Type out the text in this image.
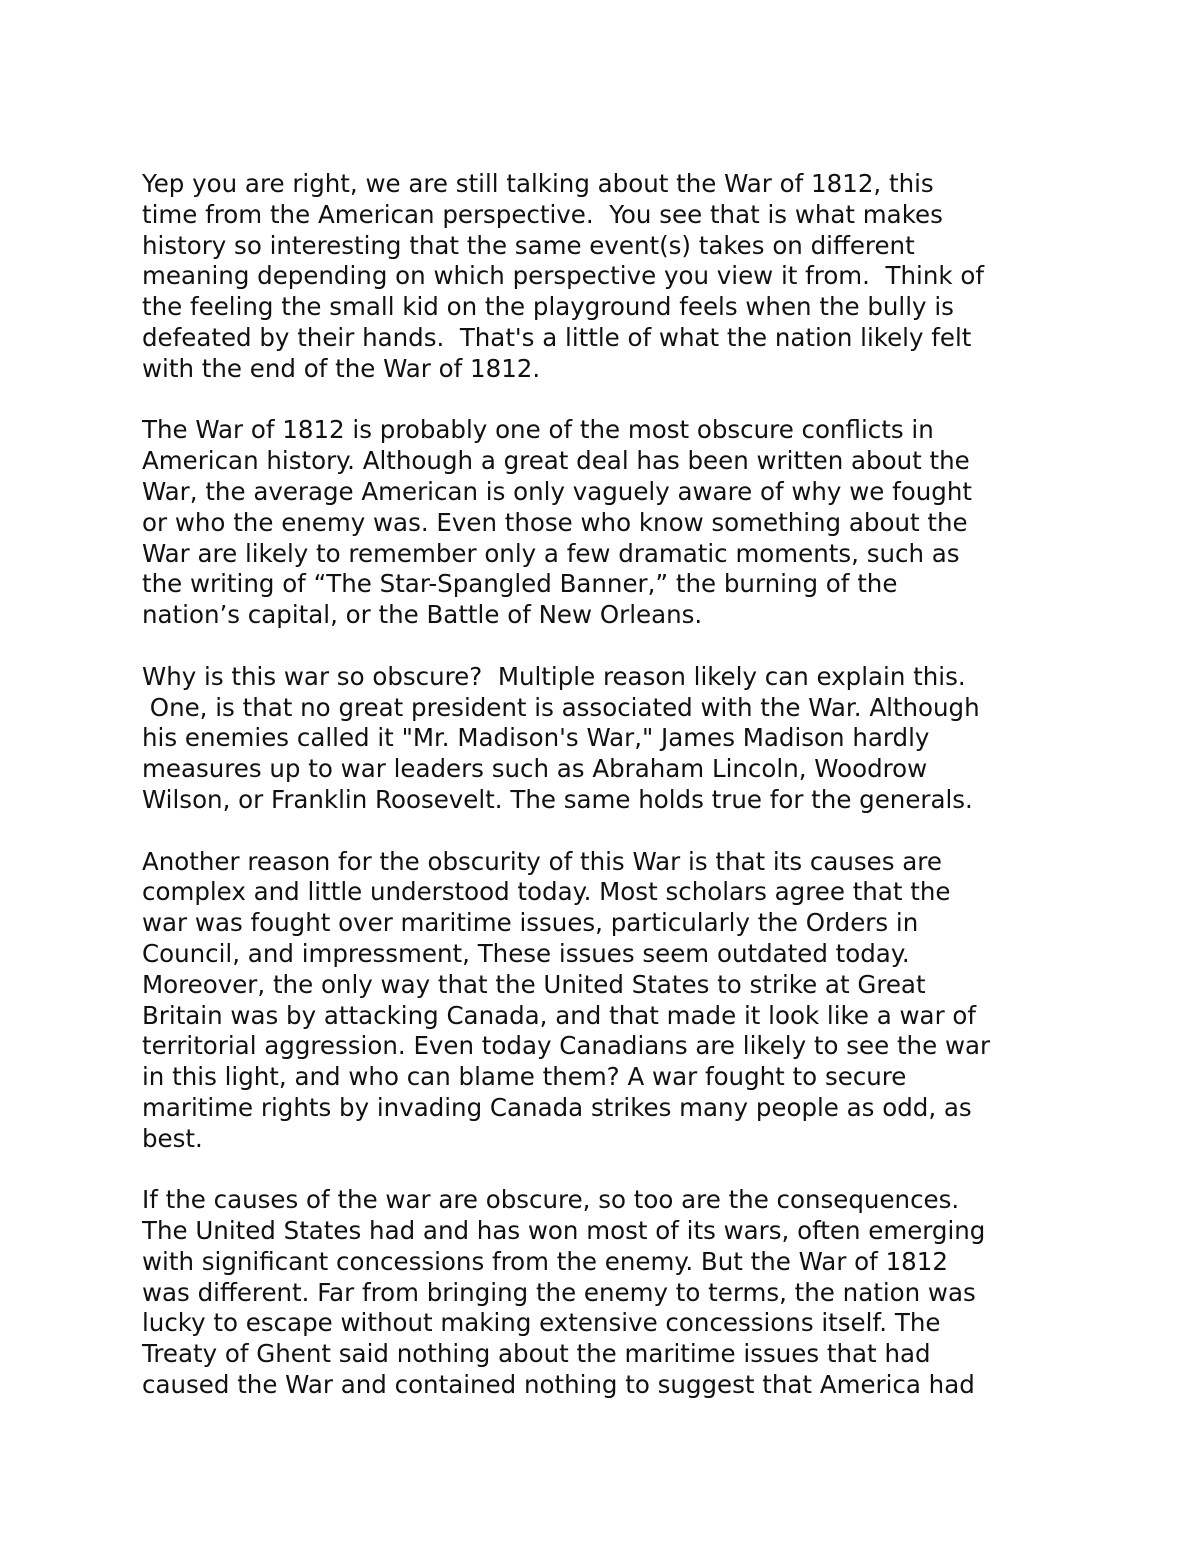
Yep you are right, we are still talking about the War of 1812, this
time from the American perspective.  You see that is what makes
history so interesting that the same event(s) takes on different
meaning depending on which perspective you view it from.  Think of
the feeling the small kid on the playground feels when the bully is
defeated by their hands.  That's a little of what the nation likely felt
with the end of the War of 1812.

The War of 1812 is probably one of the most obscure conflicts in
American history. Although a great deal has been written about the
War, the average American is only vaguely aware of why we fought
or who the enemy was. Even those who know something about the
War are likely to remember only a few dramatic moments, such as
the writing of “The Star-Spangled Banner,” the burning of the
nation’s capital, or the Battle of New Orleans.

Why is this war so obscure?  Multiple reason likely can explain this.
One, is that no great president is associated with the War. Although
his enemies called it "Mr. Madison's War," James Madison hardly
measures up to war leaders such as Abraham Lincoln, Woodrow
Wilson, or Franklin Roosevelt. The same holds true for the generals.

Another reason for the obscurity of this War is that its causes are
complex and little understood today. Most scholars agree that the
war was fought over maritime issues, particularly the Orders in
Council, and impressment, These issues seem outdated today.
Moreover, the only way that the United States to strike at Great
Britain was by attacking Canada, and that made it look like a war of
territorial aggression. Even today Canadians are likely to see the war
in this light, and who can blame them? A war fought to secure
maritime rights by invading Canada strikes many people as odd, as
best.

If the causes of the war are obscure, so too are the consequences.
The United States had and has won most of its wars, often emerging
with significant concessions from the enemy. But the War of 1812
was different. Far from bringing the enemy to terms, the nation was
lucky to escape without making extensive concessions itself. The
Treaty of Ghent said nothing about the maritime issues that had
caused the War and contained nothing to suggest that America had
